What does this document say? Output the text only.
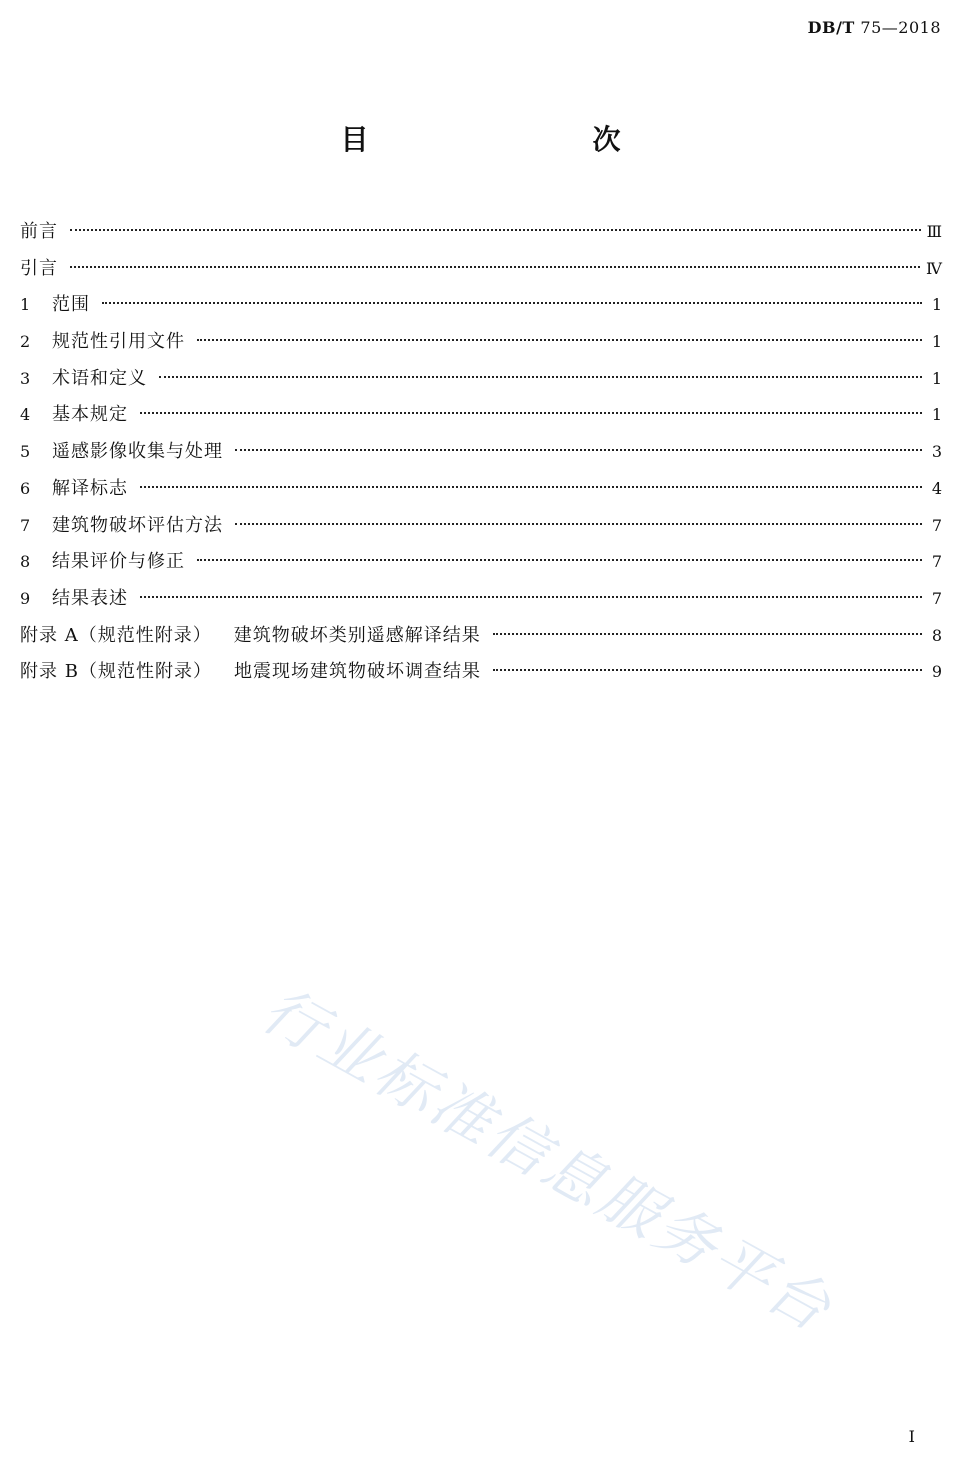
DB/T 75—2018
目　　次
前言	Ⅲ
引言	Ⅳ
1	范围	1
2	规范性引用文件	1
3	术语和定义	1
4	基本规定	1
5	遥感影像收集与处理	3
6	解译标志	4
7	建筑物破坏评估方法	7
8	结果评价与修正	7
9	结果表述	7
附录 A（规范性附录） 建筑物破坏类别遥感解译结果	8
附录 B（规范性附录） 地震现场建筑物破坏调查结果	9
行业标准信息服务平台
I
